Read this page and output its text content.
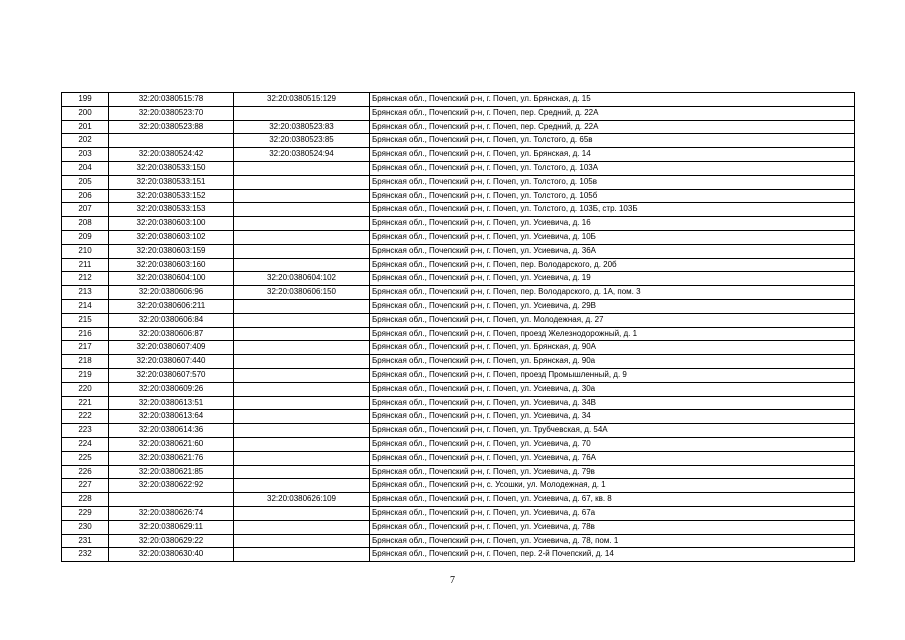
199	32:20:0380515:78	32:20:0380515:129	Брянская обл., Почепский р-н, г. Почеп, ул. Брянская, д. 15
200	32:20:0380523:70		Брянская обл., Почепский р-н, г. Почеп, пер. Средний, д. 22А
201	32:20:0380523:88	32:20:0380523:83	Брянская обл., Почепский р-н, г. Почеп, пер. Средний, д. 22А
202		32:20:0380523:85	Брянская обл., Почепский р-н, г. Почеп, ул. Толстого, д. 65в
203	32:20:0380524:42	32:20:0380524:94	Брянская обл., Почепский р-н, г. Почеп, ул. Брянская, д. 14
204	32:20:0380533:150		Брянская обл., Почепский р-н, г. Почеп, ул. Толстого, д. 103А
205	32:20:0380533:151		Брянская обл., Почепский р-н, г. Почеп, ул. Толстого, д. 105в
206	32:20:0380533:152		Брянская обл., Почепский р-н, г. Почеп, ул. Толстого, д. 105б
207	32:20:0380533:153		Брянская обл., Почепский р-н, г. Почеп, ул. Толстого, д. 103Б, стр. 103Б
208	32:20:0380603:100		Брянская обл., Почепский р-н, г. Почеп, ул. Усиевича, д. 16
209	32:20:0380603:102		Брянская обл., Почепский р-н, г. Почеп, ул. Усиевича, д. 10Б
210	32:20:0380603:159		Брянская обл., Почепский р-н, г. Почеп, ул. Усиевича, д. 36А
211	32:20:0380603:160		Брянская обл., Почепский р-н, г. Почеп, пер. Володарского, д. 20б
212	32:20:0380604:100	32:20:0380604:102	Брянская обл., Почепский р-н, г. Почеп, ул. Усиевича, д. 19
213	32:20:0380606:96	32:20:0380606:150	Брянская обл., Почепский р-н, г. Почеп, пер. Володарского, д. 1А, пом. 3
214	32:20:0380606:211		Брянская обл., Почепский р-н, г. Почеп, ул. Усиевича, д. 29В
215	32:20:0380606:84		Брянская обл., Почепский р-н, г. Почеп, ул. Молодежная, д. 27
216	32:20:0380606:87		Брянская обл., Почепский р-н, г. Почеп, проезд Железнодорожный, д. 1
217	32:20:0380607:409		Брянская обл., Почепский р-н, г. Почеп, ул. Брянская, д. 90А
218	32:20:0380607:440		Брянская обл., Почепский р-н, г. Почеп, ул. Брянская, д. 90а
219	32:20:0380607:570		Брянская обл., Почепский р-н, г. Почеп, проезд Промышленный, д. 9
220	32:20:0380609:26		Брянская обл., Почепский р-н, г. Почеп, ул. Усиевича, д. 30а
221	32:20:0380613:51		Брянская обл., Почепский р-н, г. Почеп, ул. Усиевича, д. 34В
222	32:20:0380613:64		Брянская обл., Почепский р-н, г. Почеп, ул. Усиевича, д. 34
223	32:20:0380614:36		Брянская обл., Почепский р-н, г. Почеп, ул. Трубчевская, д. 54А
224	32:20:0380621:60		Брянская обл., Почепский р-н, г. Почеп, ул. Усиевича, д. 70
225	32:20:0380621:76		Брянская обл., Почепский р-н, г. Почеп, ул. Усиевича, д. 76А
226	32:20:0380621:85		Брянская обл., Почепский р-н, г. Почеп, ул. Усиевича, д. 79в
227	32:20:0380622:92		Брянская обл., Почепский р-н, с. Усошки, ул. Молодежная, д. 1
228		32:20:0380626:109	Брянская обл., Почепский р-н, г. Почеп, ул. Усиевича, д. 67, кв. 8
229	32:20:0380626:74		Брянская обл., Почепский р-н, г. Почеп, ул. Усиевича, д. 67а
230	32:20:0380629:11		Брянская обл., Почепский р-н, г. Почеп, ул. Усиевича, д. 78в
231	32:20:0380629:22		Брянская обл., Почепский р-н, г. Почеп, ул. Усиевича, д. 78, пом. 1
232	32:20:0380630:40		Брянская обл., Почепский р-н, г. Почеп, пер. 2-й Почепский, д. 14
7
